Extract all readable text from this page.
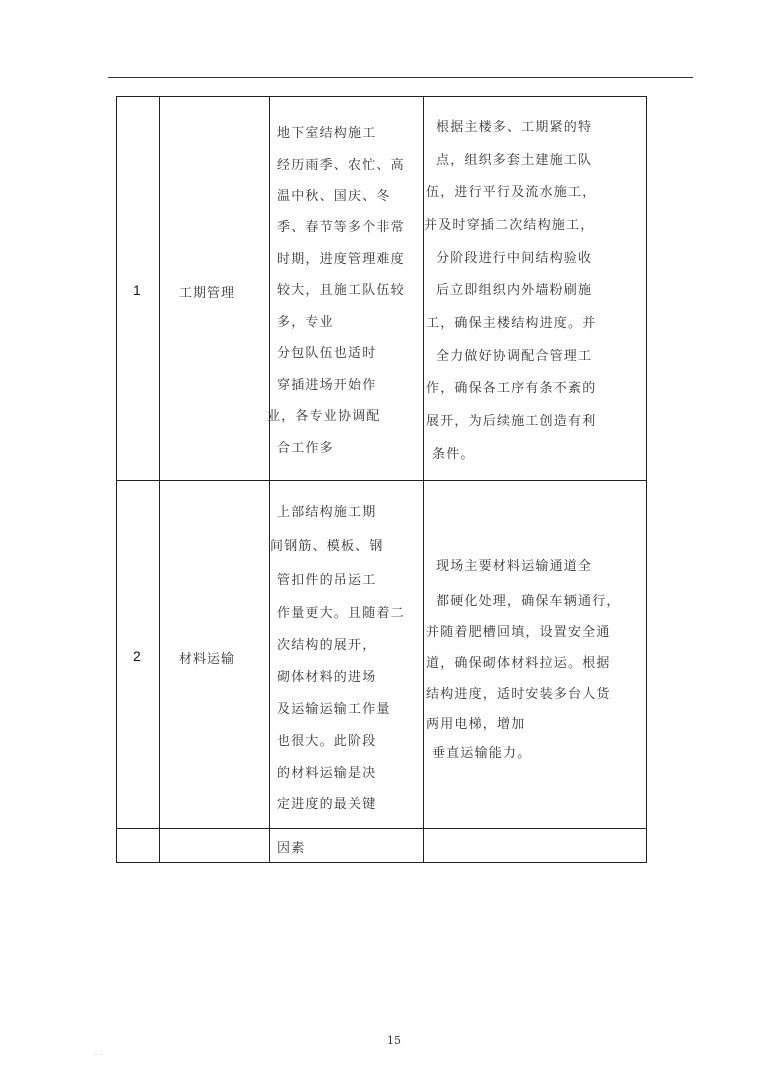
1	工期管理
地下室结构施工
经历雨季、农忙、高
温中秋、国庆、冬
季、春节等多个非常
时期，进度管理难度
较大，且施工队伍较
多，专业
分包队伍也适时
穿插进场开始作
业，各专业协调配
合工作多
根据主楼多、工期紧的特
点，组织多套土建施工队
伍，进行平行及流水施工，
并及时穿插二次结构施工，
分阶段进行中间结构验收
后立即组织内外墙粉刷施
工，确保主楼结构进度。并
全力做好协调配合管理工
作，确保各工序有条不紊的
展开，为后续施工创造有利
条件。
2	材料运输
上部结构施工期
间钢筋、模板、钢
管扣件的吊运工
作量更大。且随着二
次结构的展开，
砌体材料的进场
及运输运输工作量
也很大。此阶段
的材料运输是决
定进度的最关键
现场主要材料运输通道全
都硬化处理，确保车辆通行，
并随着肥槽回填，设置安全通
道，确保砌体材料拉运。根据
结构进度，适时安装多台人货
两用电梯，增加
垂直运输能力。
因素
15
. .
